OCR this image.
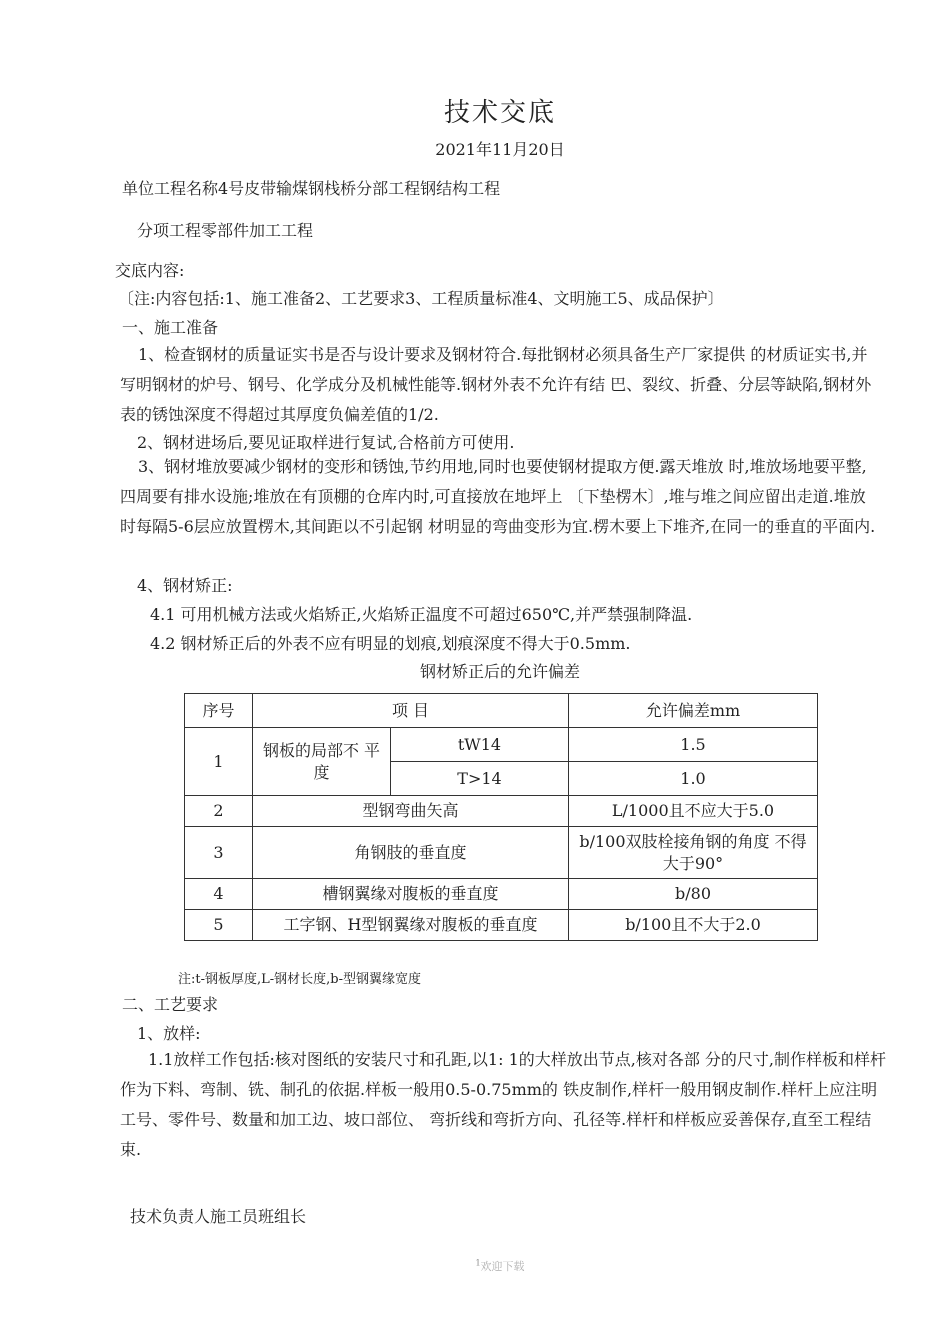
技术交底
2021年11月20日
单位工程名称4号皮带输煤钢栈桥分部工程钢结构工程
分项工程零部件加工工程
交底内容:
〔注:内容包括:1、施工准备2、工艺要求3、工程质量标准4、文明施工5、成品保护〕
一、施工准备
1、检查钢材的质量证实书是否与设计要求及钢材符合.每批钢材必须具备生产厂家提供 的材质证实书,并写明钢材的炉号、钢号、化学成分及机械性能等.钢材外表不允许有结 巴、裂纹、折叠、分层等缺陷,钢材外表的锈蚀深度不得超过其厚度负偏差值的1/2.
2、钢材进场后,要见证取样进行复试,合格前方可使用.
3、钢材堆放要减少钢材的变形和锈蚀,节约用地,同时也要使钢材提取方便.露天堆放 时,堆放场地要平整,四周要有排水设施;堆放在有顶棚的仓库内时,可直接放在地坪上 〔下垫楞木〕,堆与堆之间应留出走道.堆放时每隔5-6层应放置楞木,其间距以不引起钢 材明显的弯曲变形为宜.楞木要上下堆齐,在同一的垂直的平面内.
4、钢材矫正:
4.1 可用机械方法或火焰矫正,火焰矫正温度不可超过650℃,并严禁强制降温.
4.2 钢材矫正后的外表不应有明显的划痕,划痕深度不得大于0.5mm.
钢材矫正后的允许偏差
序号	项 目		允许偏差mm
1	钢板的局部不 平度	tW14	1.5
		T>14	1.0
2	型钢弯曲矢高		L/1000且不应大于5.0
3	角钢肢的垂直度		b/100双肢栓接角钢的角度 不得大于90°
4	槽钢翼缘对腹板的垂直度		b/80
5	工字钢、H型钢翼缘对腹板的垂直度		b/100且不大于2.0
注:t-钢板厚度,L-钢材长度,b-型钢翼缘宽度
二、工艺要求
1、放样:
1.1放样工作包括:核对图纸的安装尺寸和孔距,以1: 1的大样放出节点,核对各部 分的尺寸,制作样板和样杆作为下料、弯制、铣、制孔的依据.样板一般用0.5-0.75mm的 铁皮制作,样杆一般用钢皮制作.样杆上应注明工号、零件号、数量和加工边、坡口部位、 弯折线和弯折方向、孔径等.样杆和样板应妥善保存,直至工程结束.
技术负责人施工员班组长
$^1$欢迎下载
